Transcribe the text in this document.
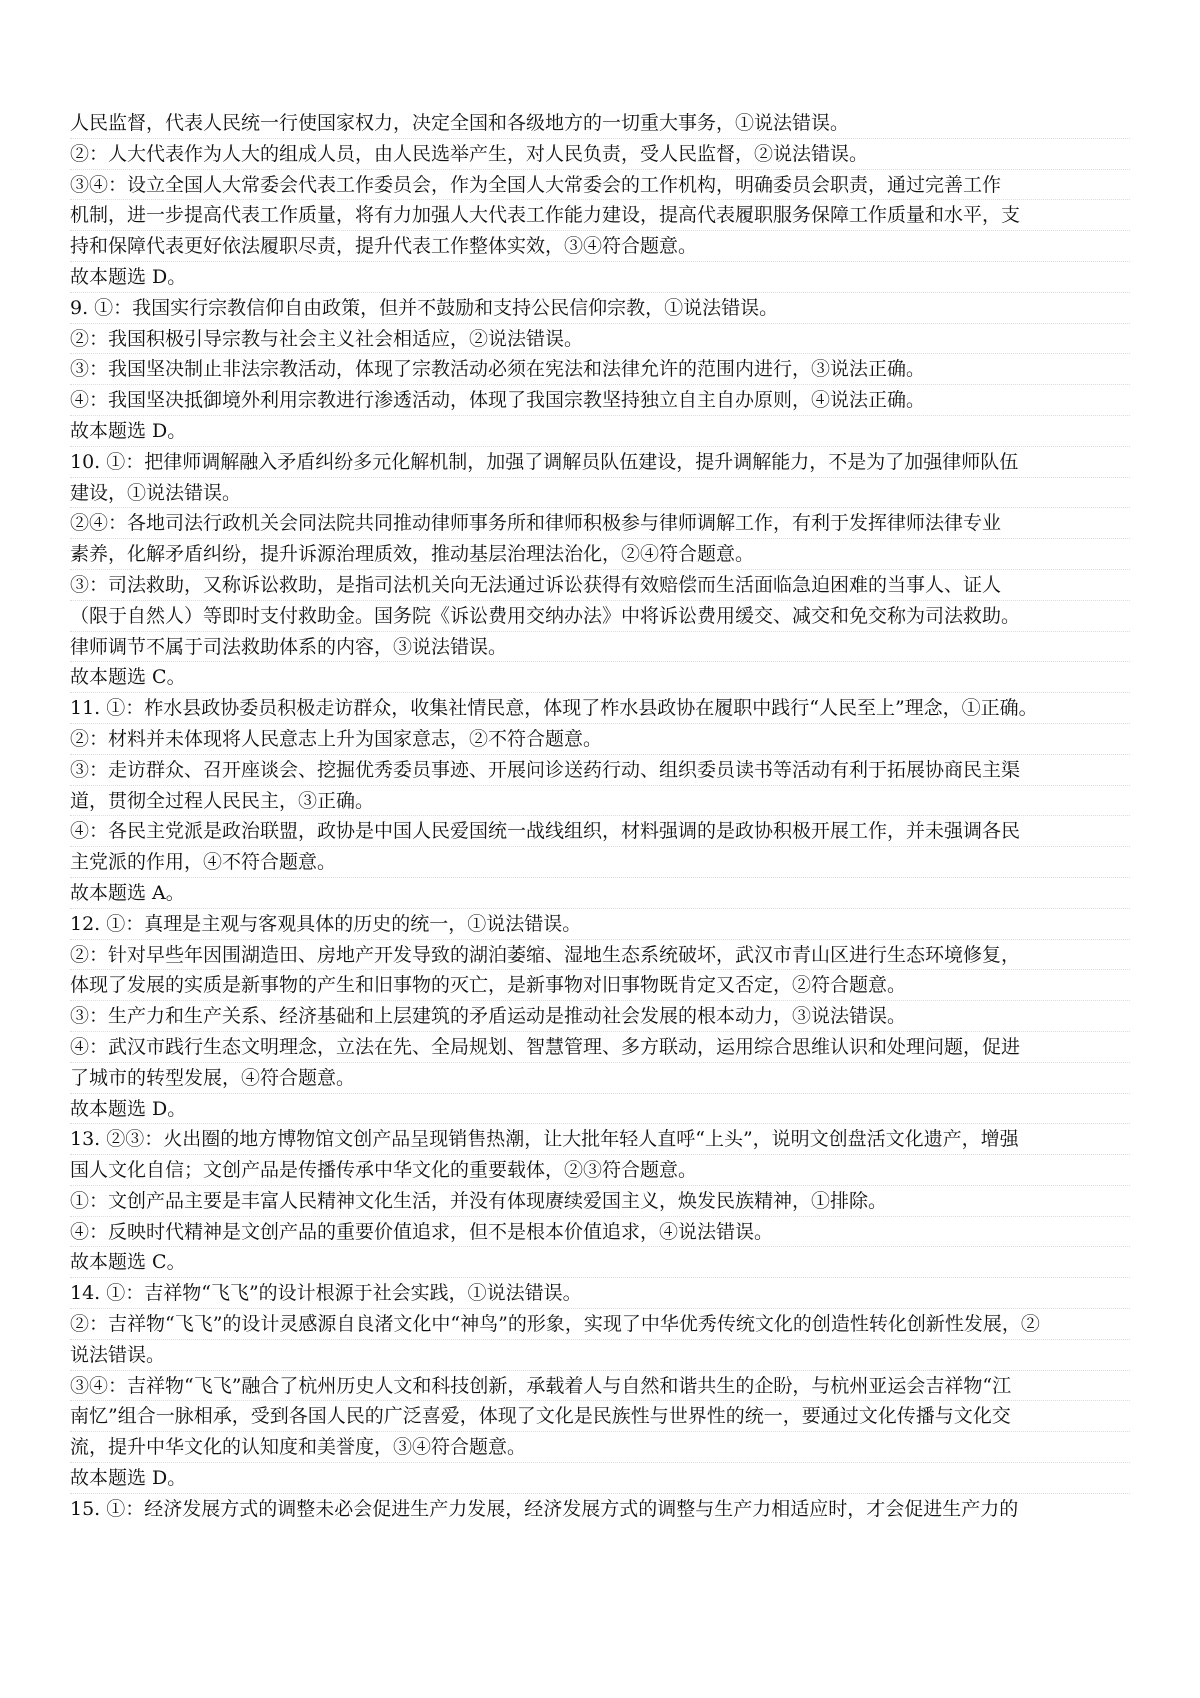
人民监督，代表人民统一行使国家权力，决定全国和各级地方的一切重大事务，①说法错误。
②：人大代表作为人大的组成人员，由人民选举产生，对人民负责，受人民监督，②说法错误。
③④：设立全国人大常委会代表工作委员会，作为全国人大常委会的工作机构，明确委员会职责，通过完善工作
机制，进一步提高代表工作质量，将有力加强人大代表工作能力建设，提高代表履职服务保障工作质量和水平，支
持和保障代表更好依法履职尽责，提升代表工作整体实效，③④符合题意。
故本题选 D。
9. ①：我国实行宗教信仰自由政策，但并不鼓励和支持公民信仰宗教，①说法错误。
②：我国积极引导宗教与社会主义社会相适应，②说法错误。
③：我国坚决制止非法宗教活动，体现了宗教活动必须在宪法和法律允许的范围内进行，③说法正确。
④：我国坚决抵御境外利用宗教进行渗透活动，体现了我国宗教坚持独立自主自办原则，④说法正确。
故本题选 D。
10. ①：把律师调解融入矛盾纠纷多元化解机制，加强了调解员队伍建设，提升调解能力，不是为了加强律师队伍
建设，①说法错误。
②④：各地司法行政机关会同法院共同推动律师事务所和律师积极参与律师调解工作，有利于发挥律师法律专业
素养，化解矛盾纠纷，提升诉源治理质效，推动基层治理法治化，②④符合题意。
③：司法救助，又称诉讼救助，是指司法机关向无法通过诉讼获得有效赔偿而生活面临急迫困难的当事人、证人
（限于自然人）等即时支付救助金。国务院《诉讼费用交纳办法》中将诉讼费用缓交、减交和免交称为司法救助。
律师调节不属于司法救助体系的内容，③说法错误。
故本题选 C。
11. ①：柞水县政协委员积极走访群众，收集社情民意，体现了柞水县政协在履职中践行“人民至上”理念，①正确。
②：材料并未体现将人民意志上升为国家意志，②不符合题意。
③：走访群众、召开座谈会、挖掘优秀委员事迹、开展问诊送药行动、组织委员读书等活动有利于拓展协商民主渠
道，贯彻全过程人民民主，③正确。
④：各民主党派是政治联盟，政协是中国人民爱国统一战线组织，材料强调的是政协积极开展工作，并未强调各民
主党派的作用，④不符合题意。
故本题选 A。
12. ①：真理是主观与客观具体的历史的统一，①说法错误。
②：针对早些年因围湖造田、房地产开发导致的湖泊萎缩、湿地生态系统破坏，武汉市青山区进行生态环境修复，
体现了发展的实质是新事物的产生和旧事物的灭亡，是新事物对旧事物既肯定又否定，②符合题意。
③：生产力和生产关系、经济基础和上层建筑的矛盾运动是推动社会发展的根本动力，③说法错误。
④：武汉市践行生态文明理念，立法在先、全局规划、智慧管理、多方联动，运用综合思维认识和处理问题，促进
了城市的转型发展，④符合题意。
故本题选 D。
13. ②③：火出圈的地方博物馆文创产品呈现销售热潮，让大批年轻人直呼“上头”，说明文创盘活文化遗产，增强
国人文化自信；文创产品是传播传承中华文化的重要载体，②③符合题意。
①：文创产品主要是丰富人民精神文化生活，并没有体现赓续爱国主义，焕发民族精神，①排除。
④：反映时代精神是文创产品的重要价值追求，但不是根本价值追求，④说法错误。
故本题选 C。
14. ①：吉祥物“飞飞”的设计根源于社会实践，①说法错误。
②：吉祥物“飞飞”的设计灵感源自良渚文化中“神鸟”的形象，实现了中华优秀传统文化的创造性转化创新性发展，②
说法错误。
③④：吉祥物“飞飞”融合了杭州历史人文和科技创新，承载着人与自然和谐共生的企盼，与杭州亚运会吉祥物“江
南忆”组合一脉相承，受到各国人民的广泛喜爱，体现了文化是民族性与世界性的统一，要通过文化传播与文化交
流，提升中华文化的认知度和美誉度，③④符合题意。
故本题选 D。
15. ①：经济发展方式的调整未必会促进生产力发展，经济发展方式的调整与生产力相适应时，才会促进生产力的
